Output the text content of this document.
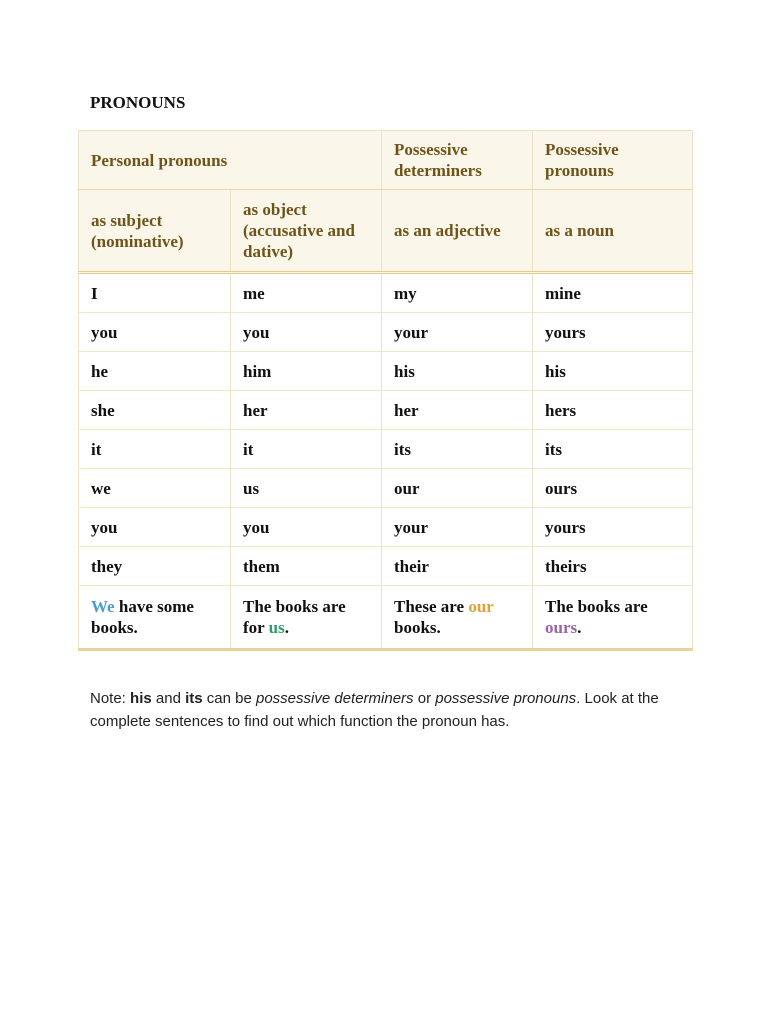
PRONOUNS
Personal pronouns		Possessive determiners	Possessive pronouns
as subject (nominative)	as object (accusative and dative)	as an adjective	as a noun
I	me	my	mine
you	you	your	yours
he	him	his	his
she	her	her	hers
it	it	its	its
we	us	our	ours
you	you	your	yours
they	them	their	theirs
We have some books.	The books are for us.	These are our books.	The books are ours.

Note: his and its can be possessive determiners or possessive pronouns. Look at the complete sentences to find out which function the pronoun has.
